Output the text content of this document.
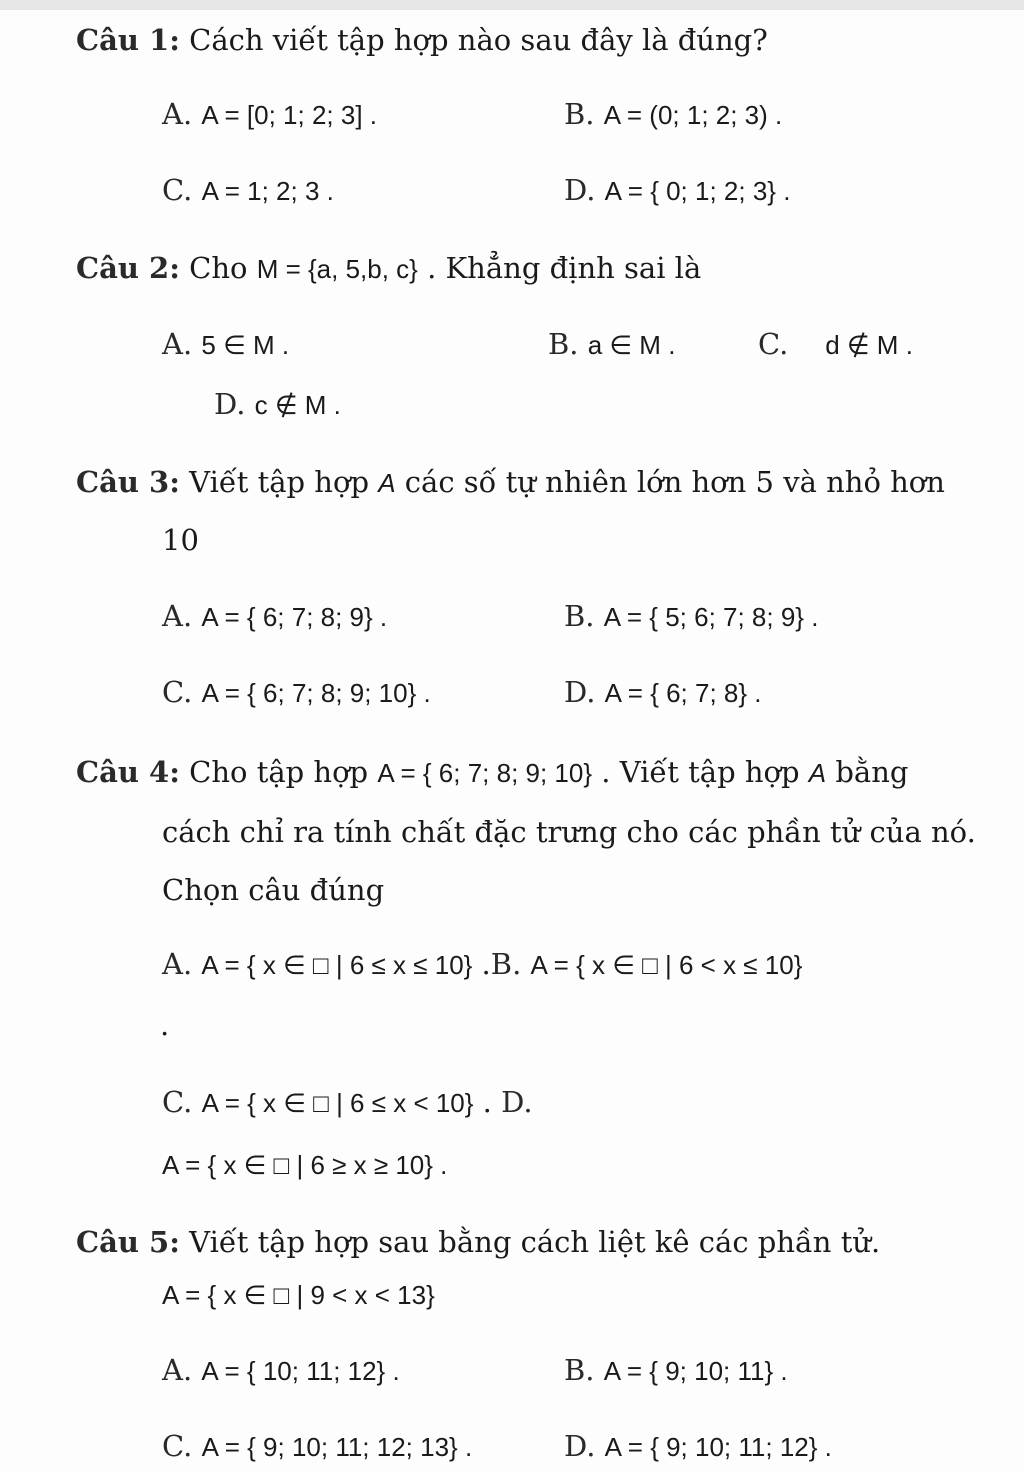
Câu 1: Cách viết tập hợp nào sau đây là đúng?
A. A = [0; 1; 2; 3] .	B. A = (0; 1; 2; 3) .
C. A = 1; 2; 3 .	D. A = { 0; 1; 2; 3} .
Câu 2: Cho M = {a, 5,b, c} . Khẳng định sai là
A. 5 ∈ M .	B. a ∈ M .	C. d ∉ M .
D. c ∉ M .
Câu 3: Viết tập hợp A các số tự nhiên lớn hơn 5 và nhỏ hơn
10
A. A = { 6; 7; 8; 9} .	B. A = { 5; 6; 7; 8; 9} .
C. A = { 6; 7; 8; 9; 10} .	D. A = { 6; 7; 8} .
Câu 4: Cho tập hợp A = { 6; 7; 8; 9; 10} . Viết tập hợp A bằng
cách chỉ ra tính chất đặc trưng cho các phần tử của nó.
Chọn câu đúng
A. A = { x ∈ □ | 6 ≤ x ≤ 10} .B. A = { x ∈ □ | 6 < x ≤ 10}
.
C. A = { x ∈ □ | 6 ≤ x < 10} . D.
A = { x ∈ □ | 6 ≥ x ≥ 10} .
Câu 5: Viết tập hợp sau bằng cách liệt kê các phần tử.
A = { x ∈ □ | 9 < x < 13}
A. A = { 10; 11; 12} .	B. A = { 9; 10; 11} .
C. A = { 9; 10; 11; 12; 13} .	D. A = { 9; 10; 11; 12} .
